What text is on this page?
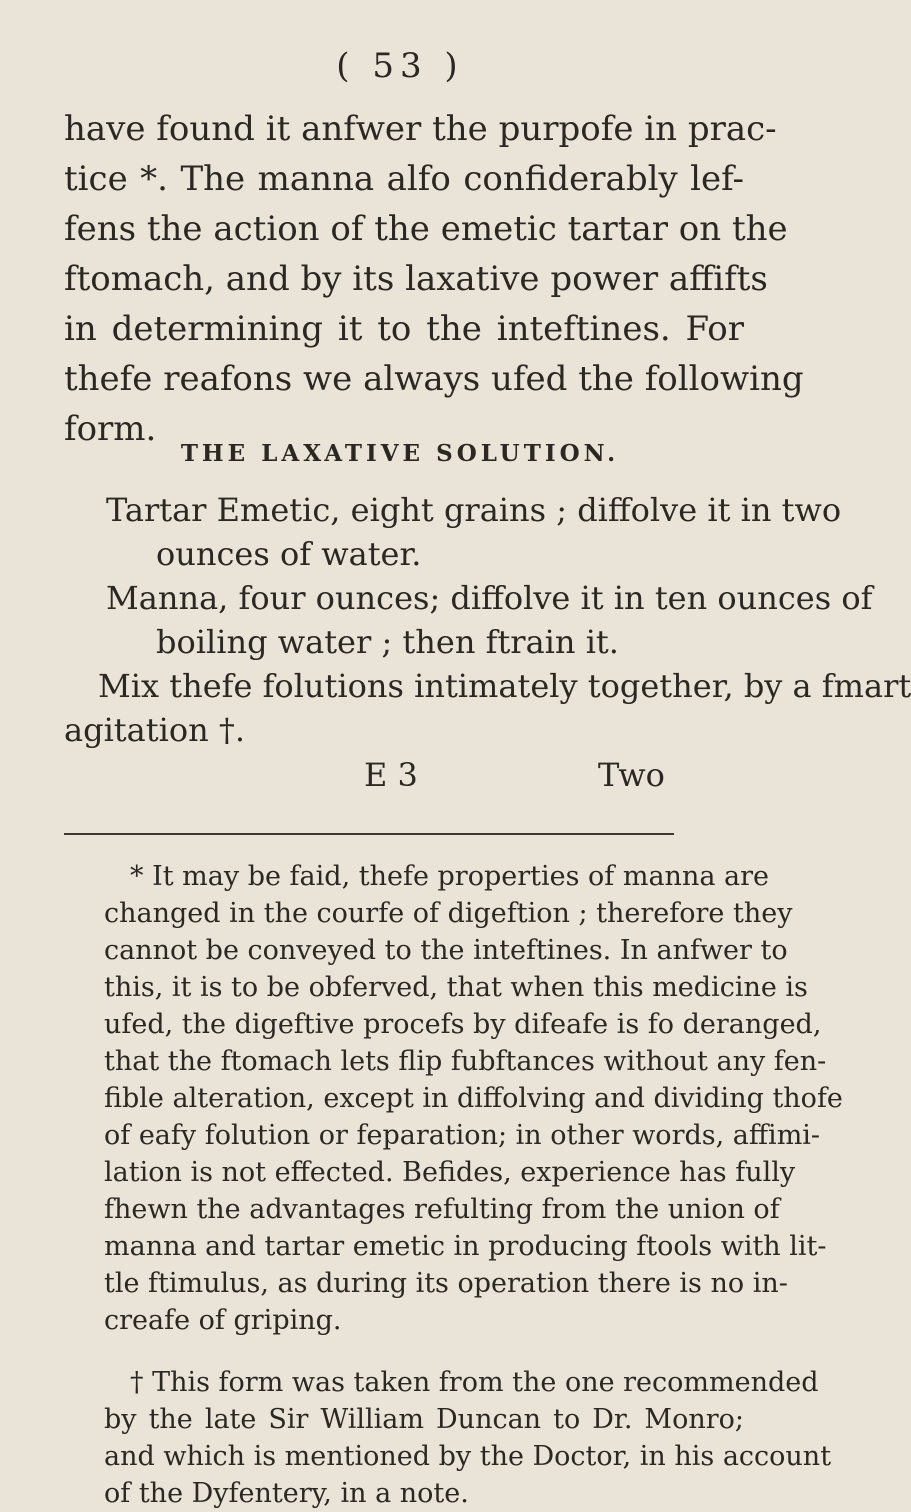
( 53 )
have found it anfwer the purpofe in prac-
tice *. The manna alfo confiderably lef-
fens the action of the emetic tartar on the
ftomach, and by its laxative power affifts
in determining it to the inteftines. For
thefe reafons we always ufed the following
form.
THE LAXATIVE SOLUTION.
Tartar Emetic, eight grains ; diffolve it in two
ounces of water.
Manna, four ounces; diffolve it in ten ounces of
boiling water ; then ftrain it.
Mix thefe folutions intimately together, by a fmart
agitation †.
E 3	Two
* It may be faid, thefe properties of manna are
changed in the courfe of digeftion ; therefore they
cannot be conveyed to the inteftines. In anfwer to
this, it is to be obferved, that when this medicine is
ufed, the digeftive procefs by difeafe is fo deranged,
that the ftomach lets flip fubftances without any fen-
fible alteration, except in diffolving and dividing thofe
of eafy folution or feparation; in other words, affimi-
lation is not effected. Befides, experience has fully
fhewn the advantages refulting from the union of
manna and tartar emetic in producing ftools with lit-
tle ftimulus, as during its operation there is no in-
creafe of griping.
† This form was taken from the one recommended
by the late Sir William Duncan to Dr. Monro;
and which is mentioned by the Doctor, in his account
of the Dyfentery, in a note.
